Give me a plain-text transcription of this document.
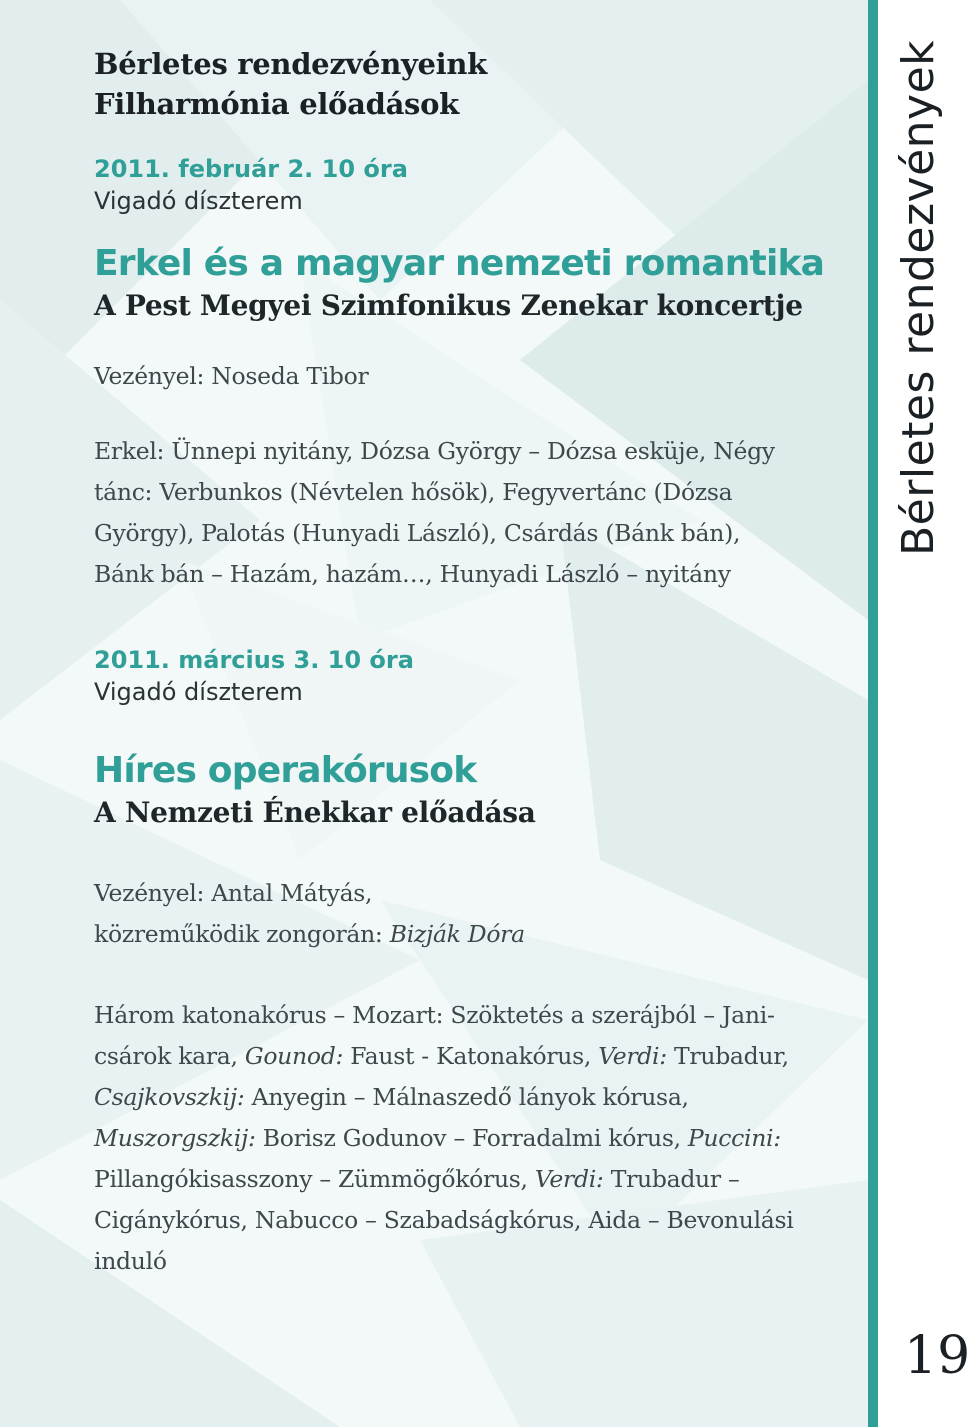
Bérletes rendezvények
19

Bérletes rendezvényeink

Filharmónia előadások

2011. február 2. 10 óra

Vigadó díszterem

Erkel és a magyar nemzeti romantika

A Pest Megyei Szimfonikus Zenekar koncertje

Vezényel: Noseda Tibor

Erkel: Ünnepi nyitány, Dózsa György – Dózsa esküje, Négy

tánc: Verbunkos (Névtelen hősök), Fegyvertánc (Dózsa

György), Palotás (Hunyadi László), Csárdás (Bánk bán),

Bánk bán – Hazám, hazám…, Hunyadi László – nyitány

2011. március 3. 10 óra

Vigadó díszterem

Híres operakórusok

A Nemzeti Énekkar előadása

Vezényel: Antal Mátyás,

közreműködik zongorán: Bizják Dóra

Három katonakórus – Mozart: Szöktetés a szerájból – Jani-

csárok kara, Gounod: Faust - Katonakórus, Verdi: Trubadur,

Csajkovszkij: Anyegin – Málnaszedő lányok kórusa,

Muszorgszkij: Borisz Godunov – Forradalmi kórus, Puccini:

Pillangókisasszony – Zümmögőkórus, Verdi: Trubadur –

Cigánykórus, Nabucco – Szabadságkórus, Aida – Bevonulási

induló
